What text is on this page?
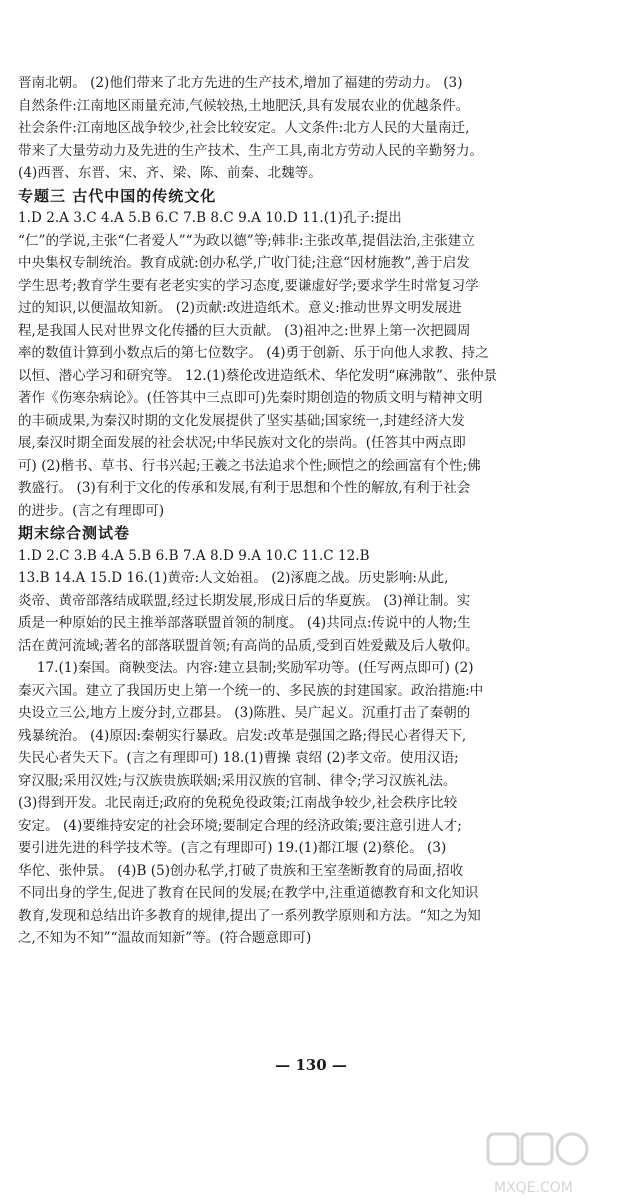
晋南北朝。 (2)他们带来了北方先进的生产技术,增加了福建的劳动力。 (3)

自然条件:江南地区雨量充沛,气候较热,土地肥沃,具有发展农业的优越条件。

社会条件:江南地区战争较少,社会比较安定。人文条件:北方人民的大量南迁,

带来了大量劳动力及先进的生产技术、生产工具,南北方劳动人民的辛勤努力。

(4)西晋、东晋、宋、齐、梁、陈、前秦、北魏等。

专题三 古代中国的传统文化

1.D 2.A 3.C 4.A 5.B 6.C 7.B 8.C 9.A 10.D 11.(1)孔子:提出

“仁”的学说,主张“仁者爱人”“为政以德”等;韩非:主张改革,提倡法治,主张建立

中央集权专制统治。教育成就:创办私学,广收门徒;注意“因材施教”,善于启发

学生思考;教育学生要有老老实实的学习态度,要谦虚好学;要求学生时常复习学

过的知识,以便温故知新。 (2)贡献:改进造纸术。意义:推动世界文明发展进

程,是我国人民对世界文化传播的巨大贡献。 (3)祖冲之:世界上第一次把圆周

率的数值计算到小数点后的第七位数字。 (4)勇于创新、乐于向他人求教、持之

以恒、潜心学习和研究等。 12.(1)蔡伦改进造纸术、华佗发明“麻沸散”、张仲景

著作《伤寒杂病论》。(任答其中三点即可)先秦时期创造的物质文明与精神文明

的丰硕成果,为秦汉时期的文化发展提供了坚实基础;国家统一,封建经济大发

展,秦汉时期全面发展的社会状况;中华民族对文化的崇尚。(任答其中两点即

可) (2)楷书、草书、行书兴起;王羲之书法追求个性;顾恺之的绘画富有个性;佛

教盛行。 (3)有利于文化的传承和发展,有利于思想和个性的解放,有利于社会

的进步。(言之有理即可)

期末综合测试卷

1.D 2.C 3.B 4.A 5.B 6.B 7.A 8.D 9.A 10.C 11.C 12.B

13.B 14.A 15.D 16.(1)黄帝:人文始祖。 (2)涿鹿之战。历史影响:从此,

炎帝、黄帝部落结成联盟,经过长期发展,形成日后的华夏族。 (3)禅让制。实

质是一种原始的民主推举部落联盟首领的制度。 (4)共同点:传说中的人物;生

活在黄河流域;著名的部落联盟首领;有高尚的品质,受到百姓爱戴及后人敬仰。

17.(1)秦国。商鞅变法。内容:建立县制;奖励军功等。(任写两点即可) (2)

秦灭六国。建立了我国历史上第一个统一的、多民族的封建国家。政治措施:中

央设立三公,地方上废分封,立郡县。 (3)陈胜、吴广起义。沉重打击了秦朝的

残暴统治。 (4)原因:秦朝实行暴政。启发:改革是强国之路;得民心者得天下,

失民心者失天下。(言之有理即可) 18.(1)曹操 袁绍 (2)孝文帝。使用汉语;

穿汉服;采用汉姓;与汉族贵族联姻;采用汉族的官制、律令;学习汉族礼法。

(3)得到开发。北民南迁;政府的免税免役政策;江南战争较少,社会秩序比较

安定。 (4)要维持安定的社会环境;要制定合理的经济政策;要注意引进人才;

要引进先进的科学技术等。(言之有理即可) 19.(1)都江堰 (2)蔡伦。 (3)

华佗、张仲景。 (4)B (5)创办私学,打破了贵族和王室垄断教育的局面,招收

不同出身的学生,促进了教育在民间的发展;在教学中,注重道德教育和文化知识

教育,发现和总结出许多教育的规律,提出了一系列教学原则和方法。“知之为知

之,不知为不知”“温故而知新”等。(符合题意即可)

— 130 —
MXQE.COM
